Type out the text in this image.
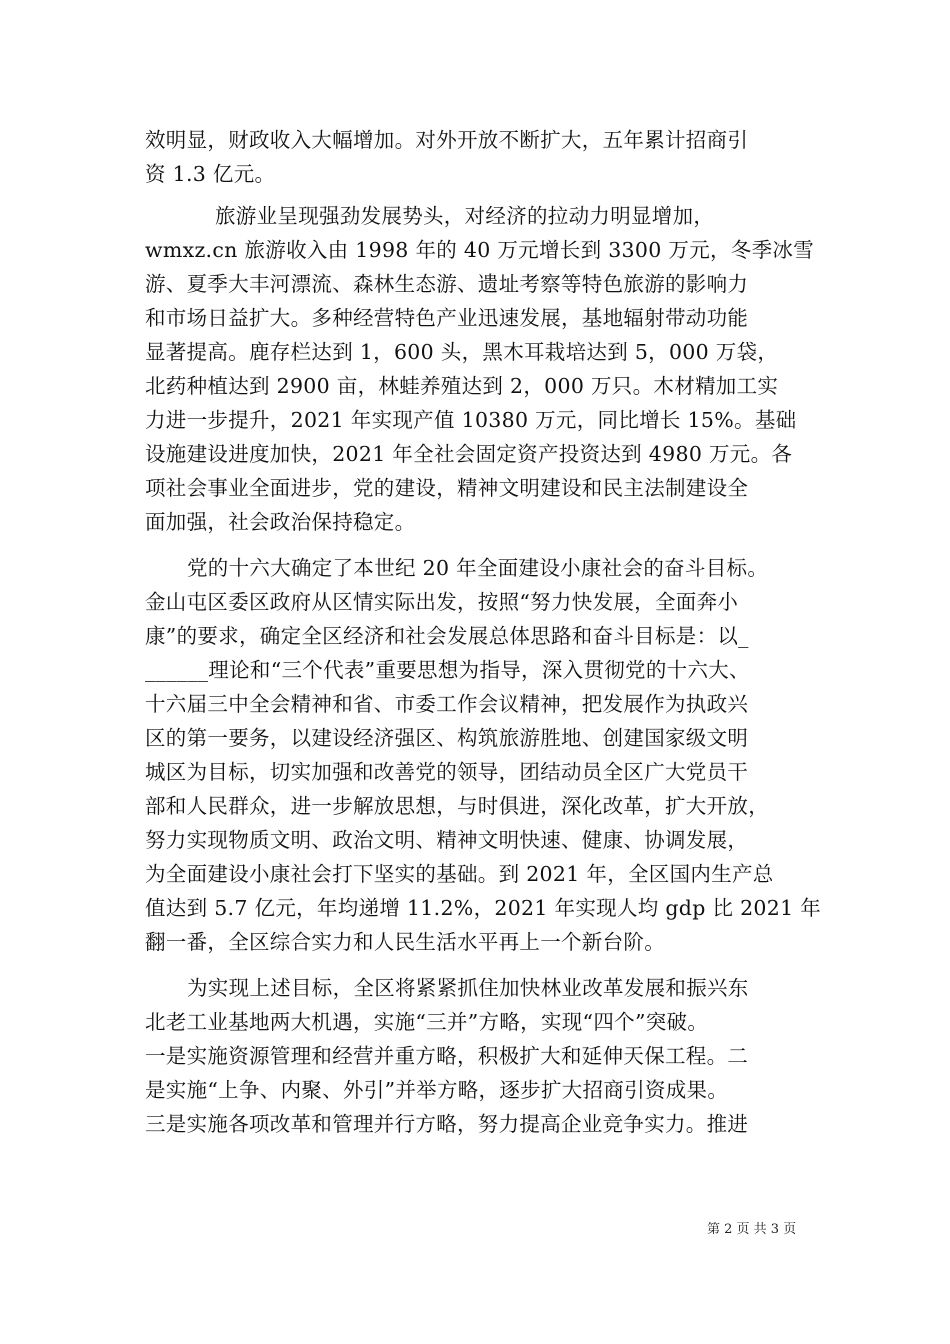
效明显，财政收入大幅增加。对外开放不断扩大，五年累计招商引
资 1.3 亿元。
旅游业呈现强劲发展势头，对经济的拉动力明显增加，
wmxz.cn 旅游收入由 1998 年的 40 万元增长到 3300 万元，冬季冰雪
游、夏季大丰河漂流、森林生态游、遗址考察等特色旅游的影响力
和市场日益扩大。多种经营特色产业迅速发展，基地辐射带动功能
显著提高。鹿存栏达到 1，600 头，黑木耳栽培达到 5，000 万袋，
北药种植达到 2900 亩，林蛙养殖达到 2，000 万只。木材精加工实
力进一步提升，2021 年实现产值 10380 万元，同比增长 15%。基础
设施建设进度加快，2021 年全社会固定资产投资达到 4980 万元。各
项社会事业全面进步，党的建设，精神文明建设和民主法制建设全
面加强，社会政治保持稳定。
党的十六大确定了本世纪 20 年全面建设小康社会的奋斗目标。
金山屯区委区政府从区情实际出发，按照“努力快发展，全面奔小
康”的要求，确定全区经济和社会发展总体思路和奋斗目标是：以_
______理论和“三个代表”重要思想为指导，深入贯彻党的十六大、
十六届三中全会精神和省、市委工作会议精神，把发展作为执政兴
区的第一要务，以建设经济强区、构筑旅游胜地、创建国家级文明
城区为目标，切实加强和改善党的领导，团结动员全区广大党员干
部和人民群众，进一步解放思想，与时俱进，深化改革，扩大开放，
努力实现物质文明、政治文明、精神文明快速、健康、协调发展，
为全面建设小康社会打下坚实的基础。到 2021 年，全区国内生产总
值达到 5.7 亿元，年均递增 11.2%，2021 年实现人均 gdp 比 2021 年
翻一番，全区综合实力和人民生活水平再上一个新台阶。
为实现上述目标，全区将紧紧抓住加快林业改革发展和振兴东
北老工业基地两大机遇，实施“三并”方略，实现“四个”突破。
一是实施资源管理和经营并重方略，积极扩大和延伸天保工程。二
是实施“上争、内聚、外引”并举方略，逐步扩大招商引资成果。
三是实施各项改革和管理并行方略，努力提高企业竞争实力。推进
第 2 页 共 3 页
